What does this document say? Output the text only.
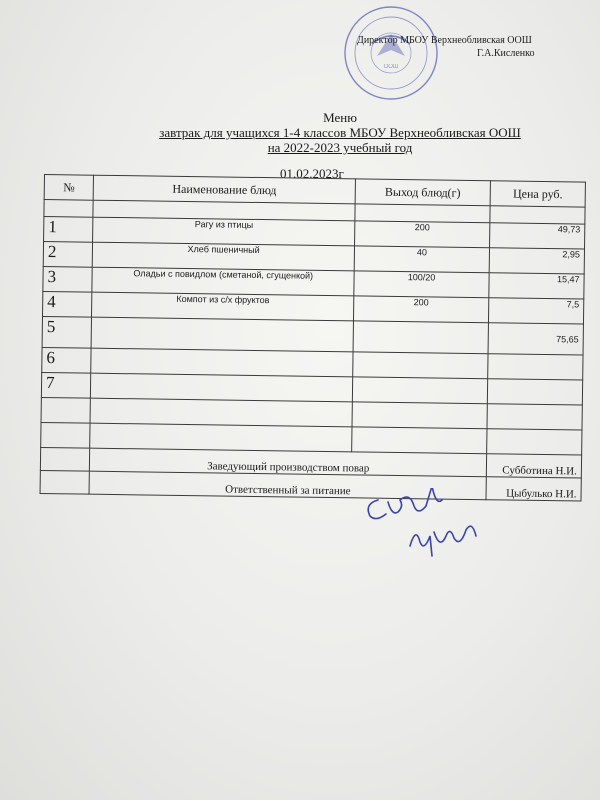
ООШ
Директор МБОУ Верхнеобливская ООШ
Г.А.Кисленко
Меню
завтрак для учащихся 1-4 классов МБОУ Верхнеобливская ООШ
на 2022-2023 учебный год
01.02.2023г
№	Наименование блюд	Выход блюд(г)	Цена руб.

1	Рагу из птицы	200	49,73
2	Хлеб пшеничный	40	2,95
3	Оладьи с повидлом (сметаной, сгущенкой)	100/20	15,47
4	Компот из с/х фруктов	200	7,5
5			75,65
6			
7			

	Заведующий производством повар		Субботина Н.И.
	Ответственный за питание		Цыбулько Н.И.
